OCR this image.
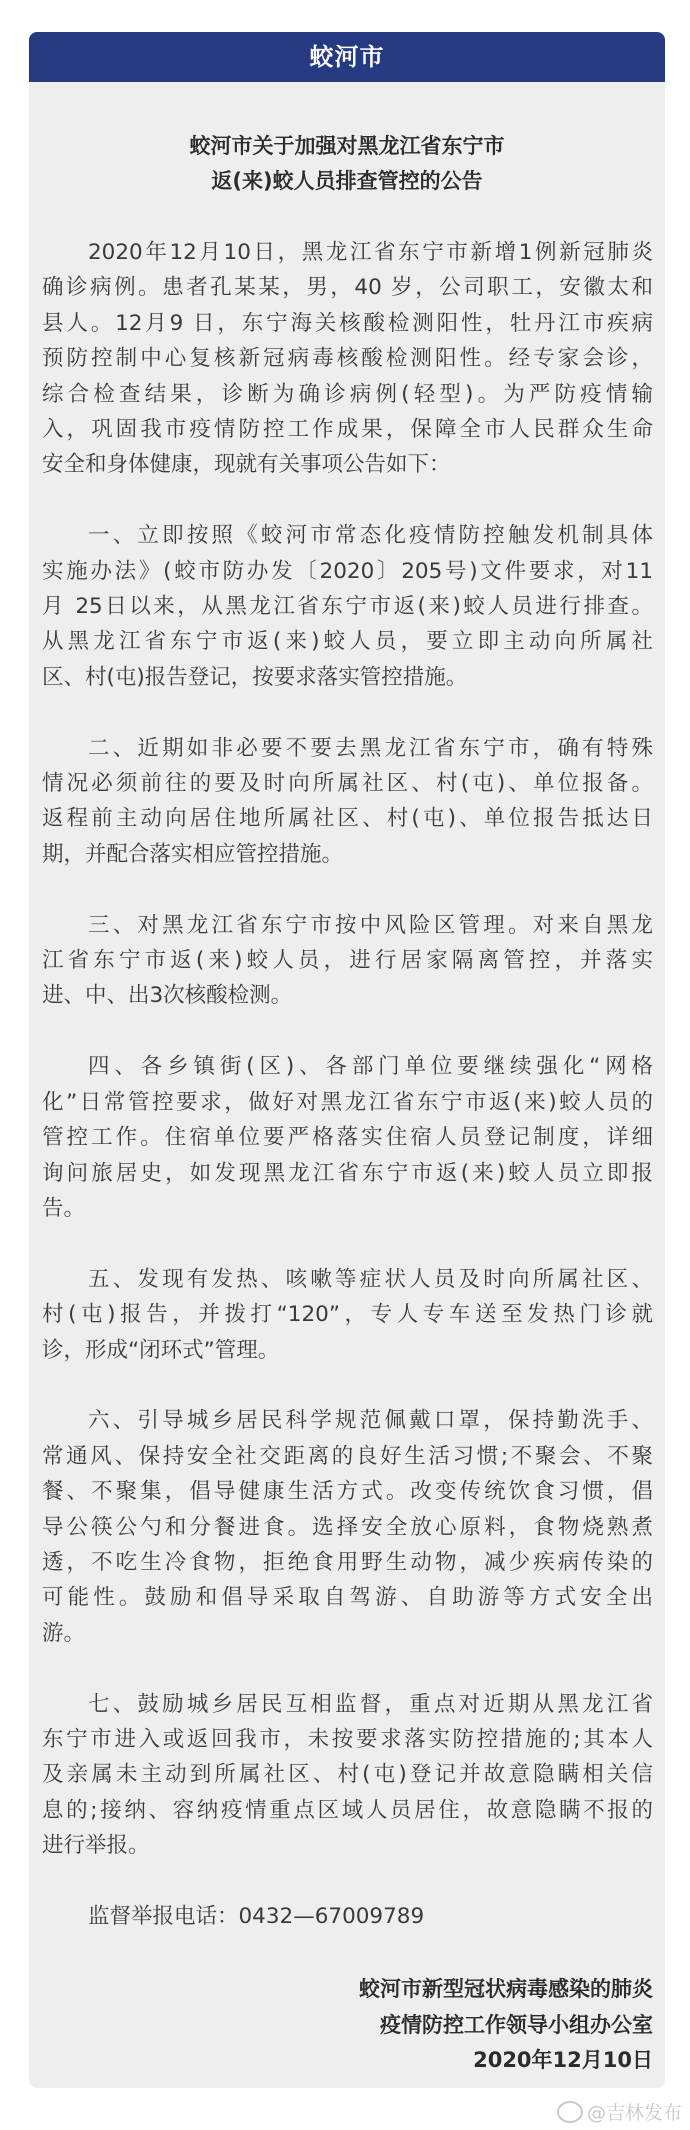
蛟河市
蛟河市关于加强对黑龙江省东宁市
返(来)蛟人员排查管控的公告
2020年12月10日，黑龙江省东宁市新增1例新冠肺炎
确诊病例。患者孔某某，男，40 岁，公司职工，安徽太和
县人。12月9 日，东宁海关核酸检测阳性，牡丹江市疾病
预防控制中心复核新冠病毒核酸检测阳性。经专家会诊，
综合检查结果，诊断为确诊病例(轻型)。为严防疫情输
入，巩固我市疫情防控工作成果，保障全市人民群众生命
安全和身体健康，现就有关事项公告如下：
一、立即按照《蛟河市常态化疫情防控触发机制具体
实施办法》(蛟市防办发〔2020〕205号)文件要求，对11
月 25日以来，从黑龙江省东宁市返(来)蛟人员进行排查。
从黑龙江省东宁市返(来)蛟人员，要立即主动向所属社
区、村(屯)报告登记，按要求落实管控措施。
二、近期如非必要不要去黑龙江省东宁市，确有特殊
情况必须前往的要及时向所属社区、村(屯)、单位报备。
返程前主动向居住地所属社区、村(屯)、单位报告抵达日
期，并配合落实相应管控措施。
三、对黑龙江省东宁市按中风险区管理。对来自黑龙
江省东宁市返(来)蛟人员，进行居家隔离管控，并落实
进、中、出3次核酸检测。
四、各乡镇街(区)、各部门单位要继续强化“网格
化”日常管控要求，做好对黑龙江省东宁市返(来)蛟人员的
管控工作。住宿单位要严格落实住宿人员登记制度，详细
询问旅居史，如发现黑龙江省东宁市返(来)蛟人员立即报
告。
五、发现有发热、咳嗽等症状人员及时向所属社区、
村(屯)报告，并拨打“120”，专人专车送至发热门诊就
诊，形成“闭环式”管理。
六、引导城乡居民科学规范佩戴口罩，保持勤洗手、
常通风、保持安全社交距离的良好生活习惯;不聚会、不聚
餐、不聚集，倡导健康生活方式。改变传统饮食习惯，倡
导公筷公勺和分餐进食。选择安全放心原料，食物烧熟煮
透，不吃生冷食物，拒绝食用野生动物，减少疾病传染的
可能性。鼓励和倡导采取自驾游、自助游等方式安全出
游。
七、鼓励城乡居民互相监督，重点对近期从黑龙江省
东宁市进入或返回我市，未按要求落实防控措施的;其本人
及亲属未主动到所属社区、村(屯)登记并故意隐瞒相关信
息的;接纳、容纳疫情重点区域人员居住，故意隐瞒不报的
进行举报。
监督举报电话：0432—67009789
蛟河市新型冠状病毒感染的肺炎
疫情防控工作领导小组办公室
2020年12月10日
@吉林发布
